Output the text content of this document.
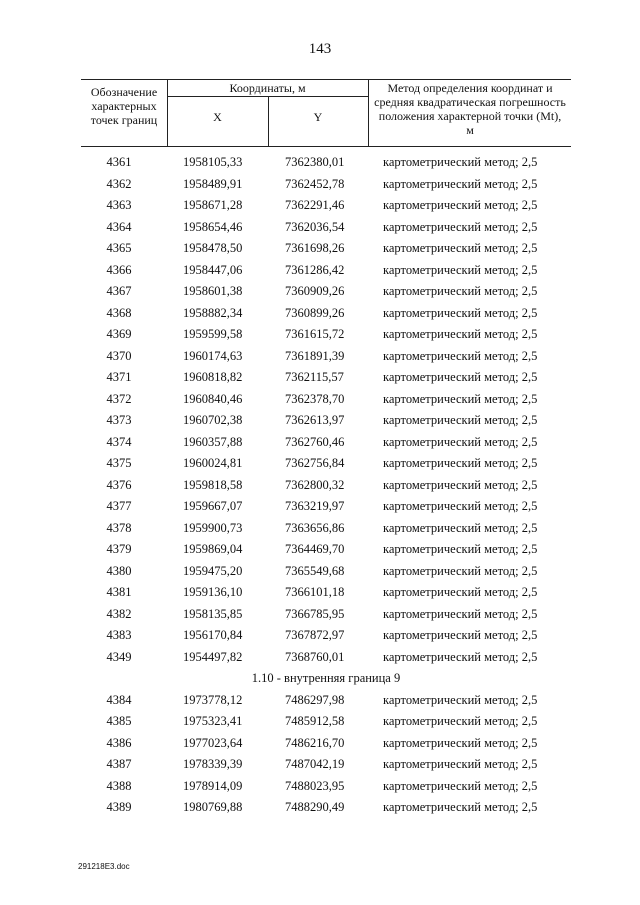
143
Обозначение характерных точек границ
Координаты, м
X	Y
Метод определения координат и средняя квадратическая погрешность положения характерной точки (Mt), м
4361	1958105,33	7362380,01	картометрический метод; 2,5
4362	1958489,91	7362452,78	картометрический метод; 2,5
4363	1958671,28	7362291,46	картометрический метод; 2,5
4364	1958654,46	7362036,54	картометрический метод; 2,5
4365	1958478,50	7361698,26	картометрический метод; 2,5
4366	1958447,06	7361286,42	картометрический метод; 2,5
4367	1958601,38	7360909,26	картометрический метод; 2,5
4368	1958882,34	7360899,26	картометрический метод; 2,5
4369	1959599,58	7361615,72	картометрический метод; 2,5
4370	1960174,63	7361891,39	картометрический метод; 2,5
4371	1960818,82	7362115,57	картометрический метод; 2,5
4372	1960840,46	7362378,70	картометрический метод; 2,5
4373	1960702,38	7362613,97	картометрический метод; 2,5
4374	1960357,88	7362760,46	картометрический метод; 2,5
4375	1960024,81	7362756,84	картометрический метод; 2,5
4376	1959818,58	7362800,32	картометрический метод; 2,5
4377	1959667,07	7363219,97	картометрический метод; 2,5
4378	1959900,73	7363656,86	картометрический метод; 2,5
4379	1959869,04	7364469,70	картометрический метод; 2,5
4380	1959475,20	7365549,68	картометрический метод; 2,5
4381	1959136,10	7366101,18	картометрический метод; 2,5
4382	1958135,85	7366785,95	картометрический метод; 2,5
4383	1956170,84	7367872,97	картометрический метод; 2,5
4349	1954497,82	7368760,01	картометрический метод; 2,5
1.10 - внутренняя граница 9
4384	1973778,12	7486297,98	картометрический метод; 2,5
4385	1975323,41	7485912,58	картометрический метод; 2,5
4386	1977023,64	7486216,70	картометрический метод; 2,5
4387	1978339,39	7487042,19	картометрический метод; 2,5
4388	1978914,09	7488023,95	картометрический метод; 2,5
4389	1980769,88	7488290,49	картометрический метод; 2,5
291218E3.doc
